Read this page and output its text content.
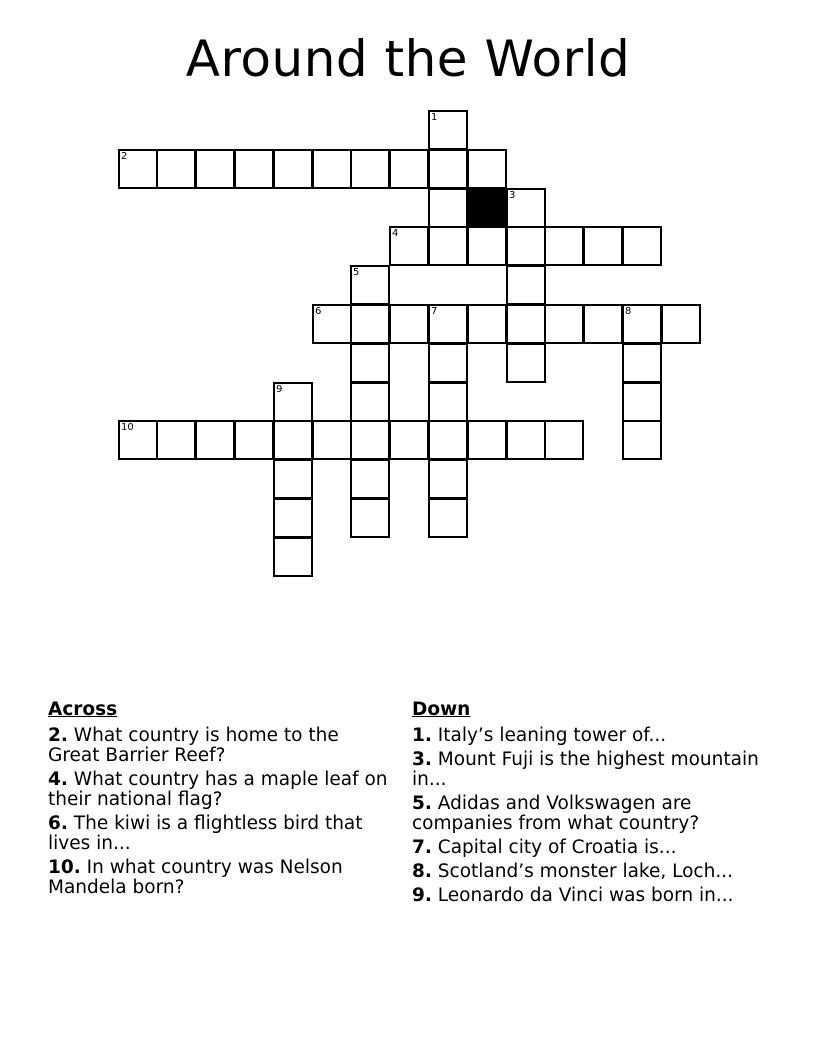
Around the World
2
3
4
5
6	7	8
9
10
1
Across
2. What country is home to the Great Barrier Reef?
4. What country has a maple leaf on their national flag?
6. The kiwi is a flightless bird that lives in...
10. In what country was Nelson Mandela born?
Down
1. Italy’s leaning tower of...
3. Mount Fuji is the highest mountain in...
5. Adidas and Volkswagen are companies from what country?
7. Capital city of Croatia is...
8. Scotland’s monster lake, Loch...
9. Leonardo da Vinci was born in...
